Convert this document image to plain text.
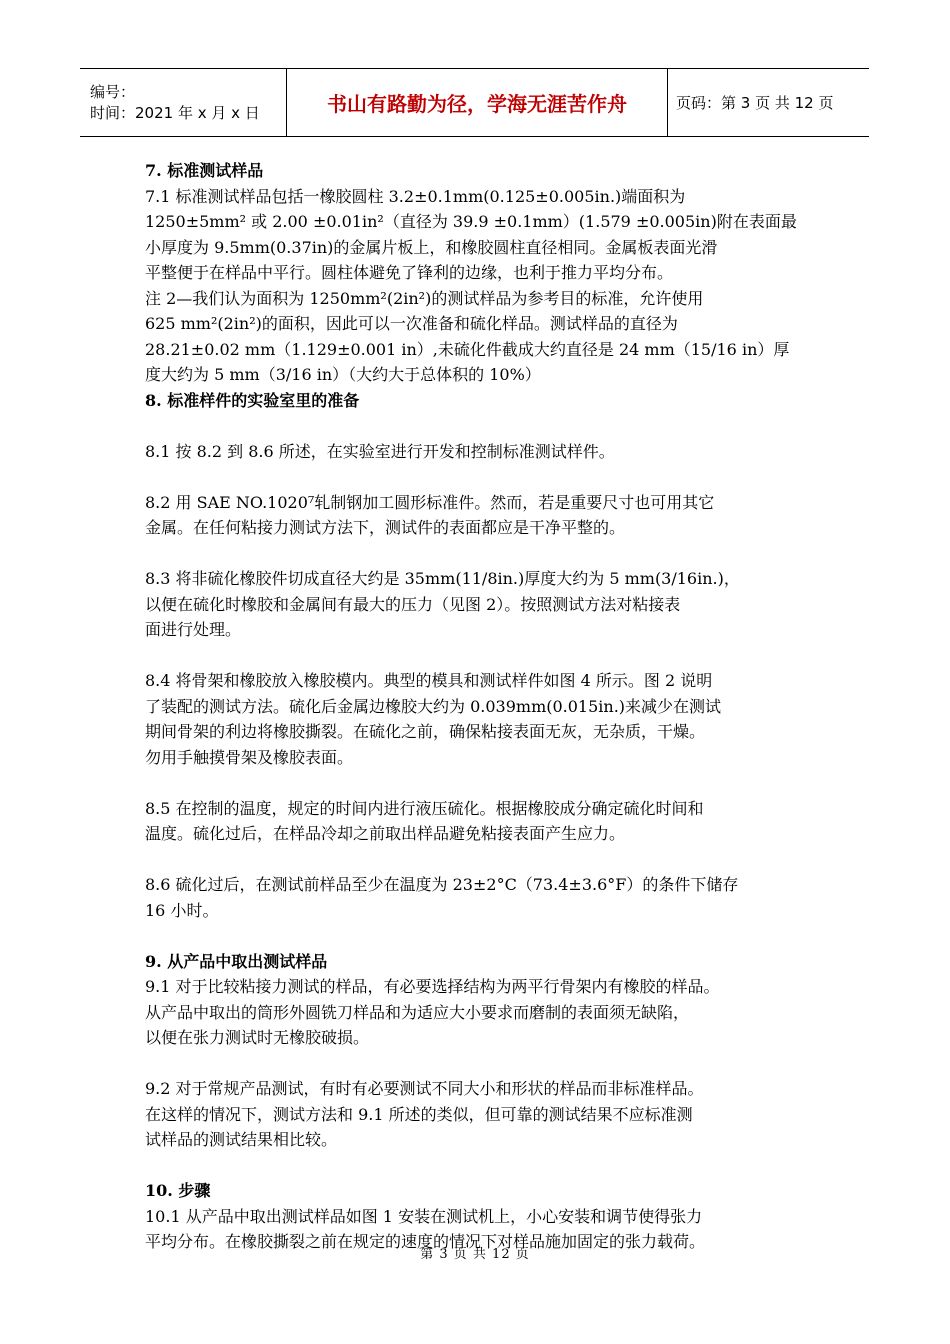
编号：
时间：2021 年 x 月 x 日	书山有路勤为径，学海无涯苦作舟	页码：第 3 页 共 12 页
7. 标准测试样品
7.1 标准测试样品包括一橡胶圆柱 3.2±0.1mm(0.125±0.005in.)端面积为
1250±5mm² 或 2.00 ±0.01in²（直径为 39.9 ±0.1mm）(1.579 ±0.005in)附在表面最
小厚度为 9.5mm(0.37in)的金属片板上，和橡胶圆柱直径相同。金属板表面光滑
平整便于在样品中平行。圆柱体避免了锋利的边缘，也利于推力平均分布。
注 2—我们认为面积为 1250mm²(2in²)的测试样品为参考目的标准，允许使用
625 mm²(2in²)的面积，因此可以一次准备和硫化样品。测试样品的直径为
28.21±0.02 mm（1.129±0.001 in）,未硫化件截成大约直径是 24 mm（15/16 in）厚
度大约为 5 mm（3/16 in）（大约大于总体积的 10%）
8. 标准样件的实验室里的准备

8.1 按 8.2 到 8.6 所述，在实验室进行开发和控制标准测试样件。

8.2 用 SAE NO.1020⁷轧制钢加工圆形标准件。然而，若是重要尺寸也可用其它
金属。在任何粘接力测试方法下，测试件的表面都应是干净平整的。

8.3 将非硫化橡胶件切成直径大约是 35mm(11/8in.)厚度大约为 5 mm(3/16in.)，
以便在硫化时橡胶和金属间有最大的压力（见图 2）。按照测试方法对粘接表
面进行处理。

8.4 将骨架和橡胶放入橡胶模内。典型的模具和测试样件如图 4 所示。图 2 说明
了装配的测试方法。硫化后金属边橡胶大约为 0.039mm(0.015in.)来减少在测试
期间骨架的利边将橡胶撕裂。在硫化之前，确保粘接表面无灰，无杂质，干燥。
勿用手触摸骨架及橡胶表面。

8.5 在控制的温度，规定的时间内进行液压硫化。根据橡胶成分确定硫化时间和
温度。硫化过后，在样品冷却之前取出样品避免粘接表面产生应力。

8.6 硫化过后，在测试前样品至少在温度为 23±2°C（73.4±3.6°F）的条件下储存
16 小时。

9. 从产品中取出测试样品
9.1 对于比较粘接力测试的样品，有必要选择结构为两平行骨架内有橡胶的样品。
从产品中取出的筒形外圆铣刀样品和为适应大小要求而磨制的表面须无缺陷，
以便在张力测试时无橡胶破损。

9.2 对于常规产品测试，有时有必要测试不同大小和形状的样品而非标准样品。
在这样的情况下，测试方法和 9.1 所述的类似，但可靠的测试结果不应标准测
试样品的测试结果相比较。

10. 步骤
10.1 从产品中取出测试样品如图 1 安装在测试机上，小心安装和调节使得张力
平均分布。在橡胶撕裂之前在规定的速度的情况下对样品施加固定的张力载荷。
第 3 页 共 12 页
